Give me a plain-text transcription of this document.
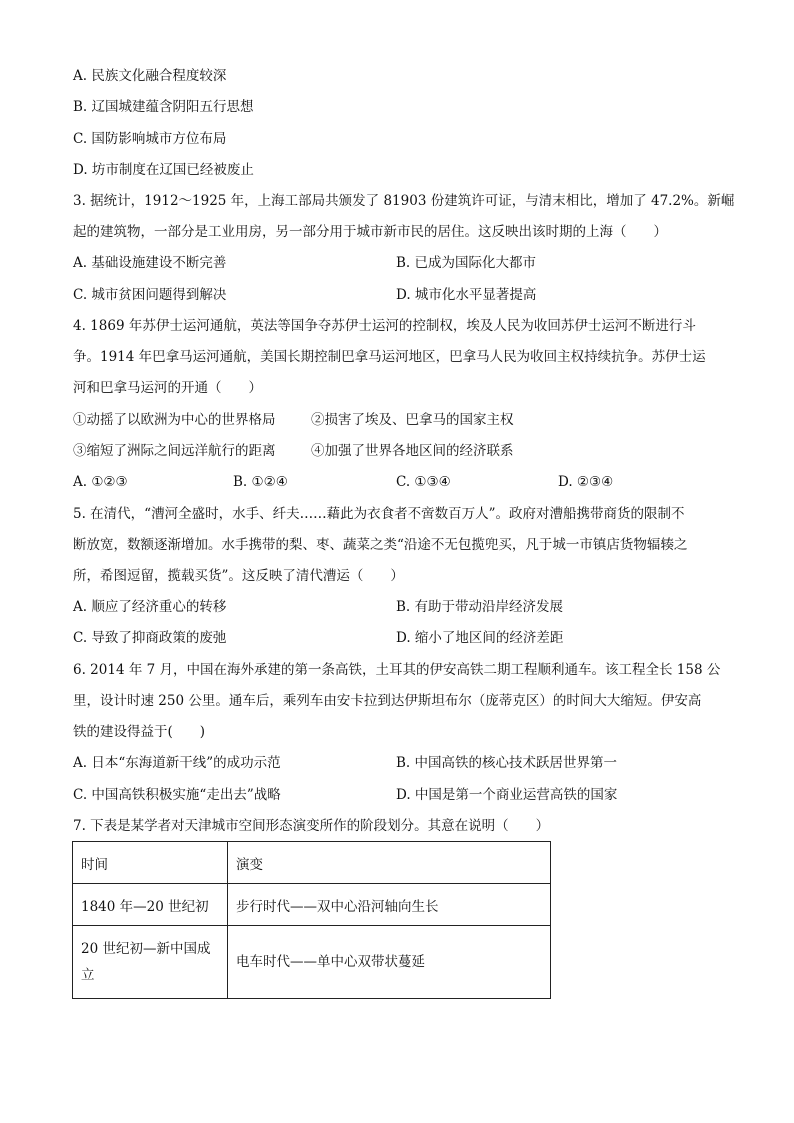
A. 民族文化融合程度较深
B. 辽国城建蕴含阴阳五行思想
C. 国防影响城市方位布局
D. 坊市制度在辽国已经被废止
3. 据统计，1912～1925 年，上海工部局共颁发了 81903 份建筑许可证，与清末相比，增加了 47.2%。新崛
起的建筑物，一部分是工业用房，另一部分用于城市新市民的居住。这反映出该时期的上海（　　）
A. 基础设施建设不断完善	B. 已成为国际化大都市
C. 城市贫困问题得到解决	D. 城市化水平显著提高
4. 1869 年苏伊士运河通航，英法等国争夺苏伊士运河的控制权，埃及人民为收回苏伊士运河不断进行斗
争。1914 年巴拿马运河通航，美国长期控制巴拿马运河地区，巴拿马人民为收回主权持续抗争。苏伊士运
河和巴拿马运河的开通（　　）
①动摇了以欧洲为中心的世界格局	②损害了埃及、巴拿马的国家主权
③缩短了洲际之间远洋航行的距离	④加强了世界各地区间的经济联系
A. ①②③	B. ①②④	C. ①③④	D. ②③④
5. 在清代，“漕河全盛时，水手、纤夫……藉此为衣食者不啻数百万人”。政府对漕船携带商货的限制不
断放宽，数额逐渐增加。水手携带的梨、枣、蔬菜之类“沿途不无包揽兜买，凡于城一市镇店货物辐辏之
所，希图逗留，揽载买货”。这反映了清代漕运（　　）
A. 顺应了经济重心的转移	B. 有助于带动沿岸经济发展
C. 导致了抑商政策的废弛	D. 缩小了地区间的经济差距
6. 2014 年 7 月，中国在海外承建的第一条高铁，土耳其的伊安高铁二期工程顺利通车。该工程全长 158 公
里，设计时速 250 公里。通车后，乘列车由安卡拉到达伊斯坦布尔（庞蒂克区）的时间大大缩短。伊安高
铁的建设得益于(　　)
A. 日本“东海道新干线”的成功示范	B. 中国高铁的核心技术跃居世界第一
C. 中国高铁积极实施“走出去”战略	D. 中国是第一个商业运营高铁的国家
7. 下表是某学者对天津城市空间形态演变所作的阶段划分。其意在说明（　　）
时间	演变
1840 年—20 世纪初	步行时代——双中心沿河轴向生长
20 世纪初—新中国成立	电车时代——单中心双带状蔓延
